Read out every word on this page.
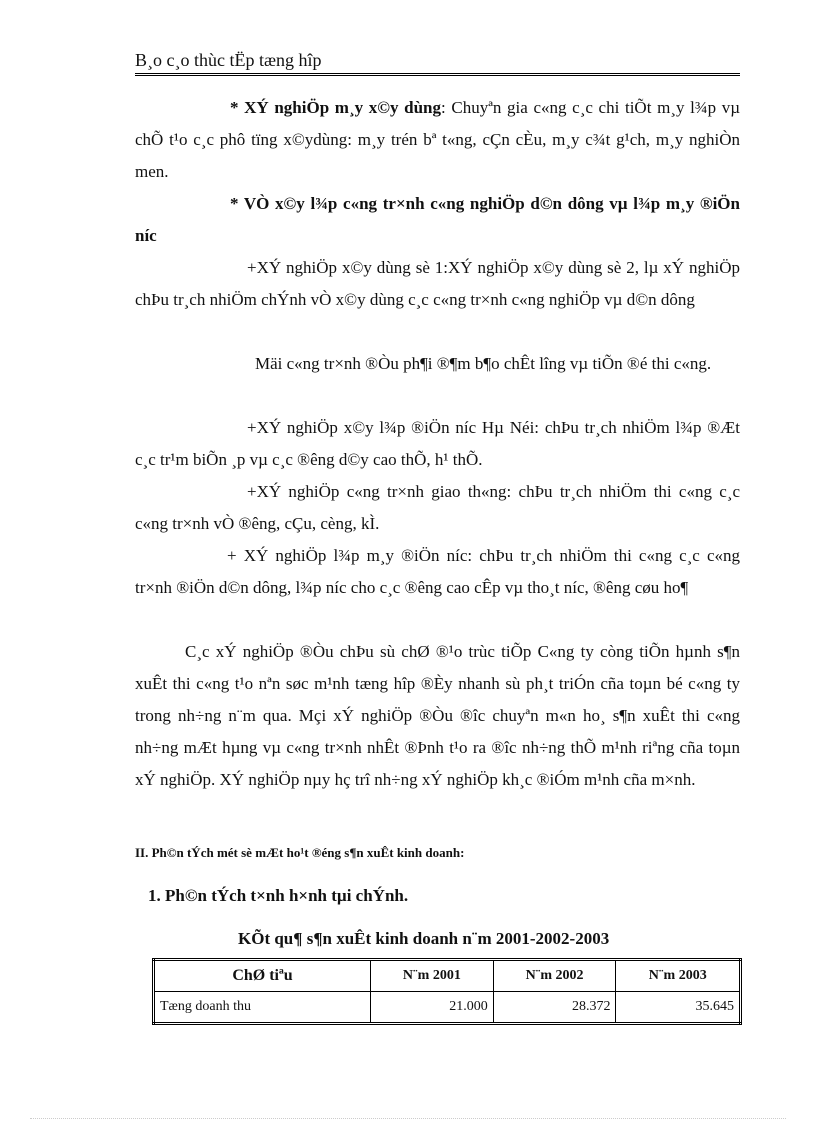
B¸o c¸o thùc tËp tæng hîp
* XÝ nghiÖp m¸y x©y dùng: Chuyªn gia c«ng c¸c chi tiÕt m¸y l¾p vµ chÕ t¹o c¸c phô tïng x©ydùng: m¸y trén bª t«ng, cÇn cÈu, m¸y c¾t g¹ch, m¸y nghiÒn men.
* VÒ x©y l¾p c«ng tr×nh c«ng nghiÖp d©n dông vµ l¾p m¸y ®iÖn níc
+XÝ nghiÖp x©y dùng sè 1:XÝ nghiÖp x©y dùng sè 2, lµ xÝ nghiÖp chÞu tr¸ch nhiÖm chÝnh vÒ x©y dùng c¸c c«ng tr×nh c«ng nghiÖp vµ d©n dông
Mäi c«ng tr×nh ®Òu ph¶i ®¶m b¶o chÊt lîng vµ tiÕn ®é thi c«ng.
+XÝ nghiÖp x©y l¾p ®iÖn níc Hµ Néi: chÞu tr¸ch nhiÖm l¾p ®Æt c¸c tr¹m biÕn ¸p vµ c¸c ®êng d©y cao thÕ, h¹ thÕ.
+XÝ nghiÖp c«ng tr×nh giao th«ng: chÞu tr¸ch nhiÖm thi c«ng c¸c c«ng tr×nh vÒ ®êng, cÇu, cèng, kÌ.
+ XÝ nghiÖp l¾p m¸y ®iÖn níc: chÞu tr¸ch nhiÖm thi c«ng c¸c c«ng tr×nh ®iÖn d©n dông, l¾p níc cho c¸c ®êng cao cÊp vµ tho¸t níc, ®êng cøu ho¶
C¸c xÝ nghiÖp ®Òu chÞu sù chØ ®¹o trùc tiÕp C«ng ty còng tiÕn hµnh s¶n xuÊt thi c«ng t¹o nªn søc m¹nh tæng hîp ®Èy nhanh sù ph¸t triÓn cña toµn bé c«ng ty trong nh÷ng n¨m qua. Mçi xÝ nghiÖp ®Òu ®îc chuyªn m«n ho¸ s¶n xuÊt thi c«ng nh÷ng mÆt hµng vµ c«ng tr×nh nhÊt ®Þnh t¹o ra ®îc nh÷ng thÕ m¹nh riªng cña toµn xÝ nghiÖp. XÝ nghiÖp nµy hç trî nh÷ng xÝ nghiÖp kh¸c ®iÓm m¹nh cña m×nh.
II. Ph©n tÝch mét sè mÆt ho¹t ®éng s¶n xuÊt kinh doanh:
1. Ph©n tÝch t×nh h×nh tµi chÝnh.
KÕt qu¶ s¶n xuÊt kinh doanh n¨m 2001-2002-2003
ChØ tiªu	N¨m 2001	N¨m 2002	N¨m 2003
Tæng doanh thu	21.000	28.372	35.645
